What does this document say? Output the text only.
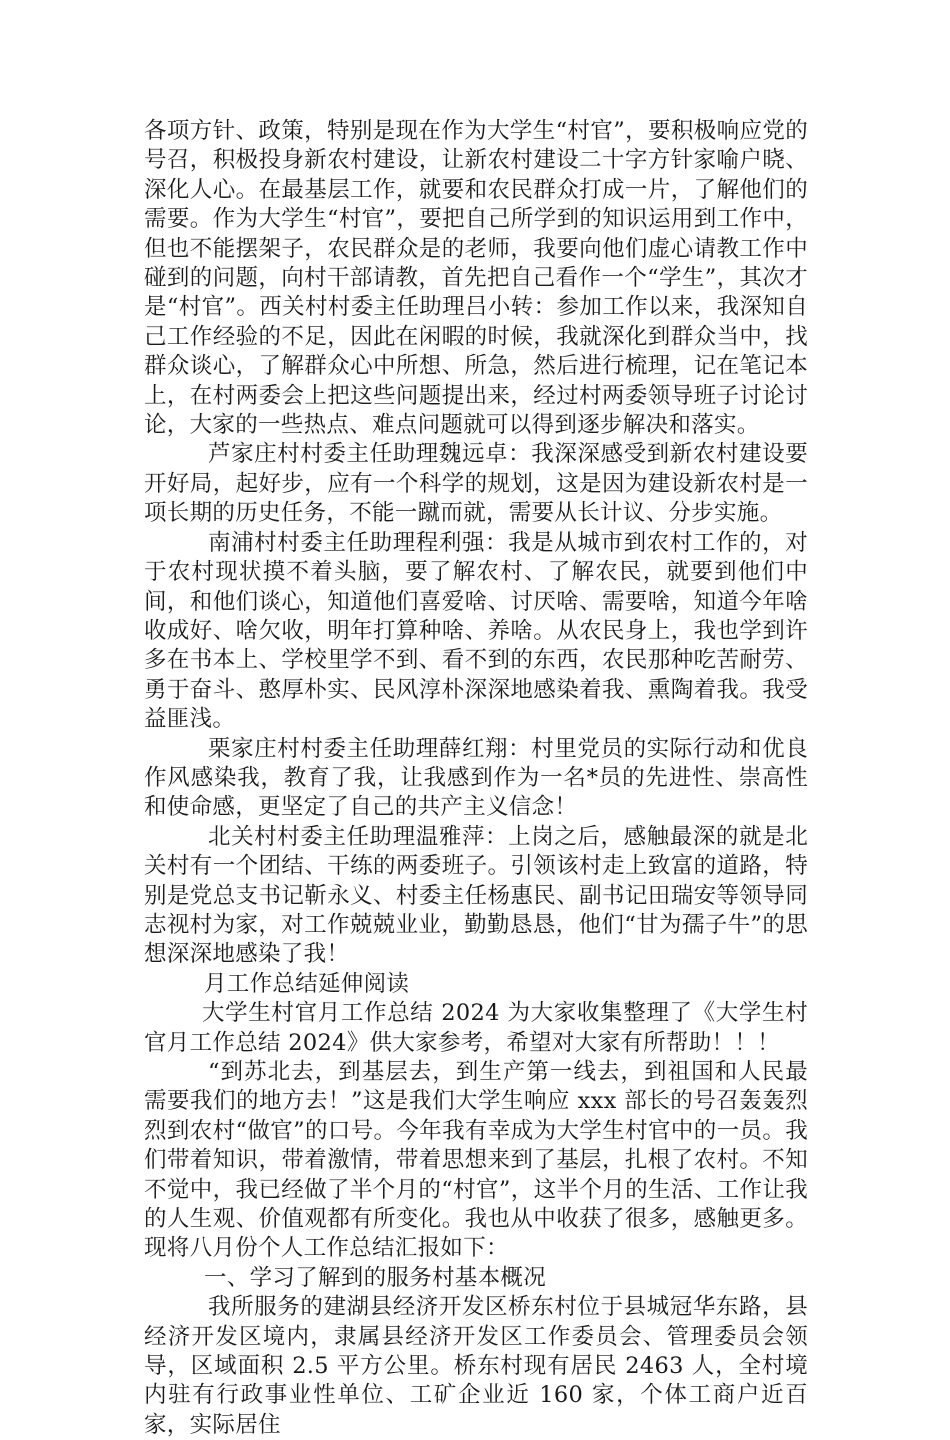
各项方针、政策，特别是现在作为大学生“村官”，要积极响应党的号召，积极投身新农村建设，让新农村建设二十字方针家喻户晓、深化人心。在最基层工作，就要和农民群众打成一片，了解他们的需要。作为大学生“村官”，要把自己所学到的知识运用到工作中，但也不能摆架子，农民群众是的老师，我要向他们虚心请教工作中碰到的问题，向村干部请教，首先把自己看作一个“学生”，其次才是“村官”。西关村村委主任助理吕小转：参加工作以来，我深知自己工作经验的不足，因此在闲暇的时候，我就深化到群众当中，找群众谈心，了解群众心中所想、所急，然后进行梳理，记在笔记本上，在村两委会上把这些问题提出来，经过村两委领导班子讨论讨论，大家的一些热点、难点问题就可以得到逐步解决和落实。

芦家庄村村委主任助理魏远卓：我深深感受到新农村建设要开好局，起好步，应有一个科学的规划，这是因为建设新农村是一项长期的历史任务，不能一蹴而就，需要从长计议、分步实施。

南浦村村委主任助理程利强：我是从城市到农村工作的，对于农村现状摸不着头脑，要了解农村、了解农民，就要到他们中间，和他们谈心，知道他们喜爱啥、讨厌啥、需要啥，知道今年啥收成好、啥欠收，明年打算种啥、养啥。从农民身上，我也学到许多在书本上、学校里学不到、看不到的东西，农民那种吃苦耐劳、勇于奋斗、憨厚朴实、民风淳朴深深地感染着我、熏陶着我。我受益匪浅。

栗家庄村村委主任助理薛红翔：村里党员的实际行动和优良作风感染我，教育了我，让我感到作为一名*员的先进性、崇高性和使命感，更坚定了自己的共产主义信念！

北关村村委主任助理温雅萍：上岗之后，感触最深的就是北关村有一个团结、干练的两委班子。引领该村走上致富的道路，特别是党总支书记靳永义、村委主任杨惠民、副书记田瑞安等领导同志视村为家，对工作兢兢业业，勤勤恳恳，他们“甘为孺子牛”的思想深深地感染了我！

月工作总结延伸阅读

大学生村官月工作总结 2024 为大家收集整理了《大学生村官月工作总结 2024》供大家参考，希望对大家有所帮助！！！

“到苏北去，到基层去，到生产第一线去，到祖国和人民最需要我们的地方去！”这是我们大学生响应 xxx 部长的号召轰轰烈烈到农村“做官”的口号。今年我有幸成为大学生村官中的一员。我们带着知识，带着激情，带着思想来到了基层，扎根了农村。不知不觉中，我已经做了半个月的“村官”，这半个月的生活、工作让我的人生观、价值观都有所变化。我也从中收获了很多，感触更多。现将八月份个人工作总结汇报如下：

一、学习了解到的服务村基本概况

我所服务的建湖县经济开发区桥东村位于县城冠华东路，县经济开发区境内，隶属县经济开发区工作委员会、管理委员会领导，区域面积 2.5 平方公里。桥东村现有居民 2463 人，全村境内驻有行政事业性单位、工矿企业近 160 家，个体工商户近百家，实际居住
